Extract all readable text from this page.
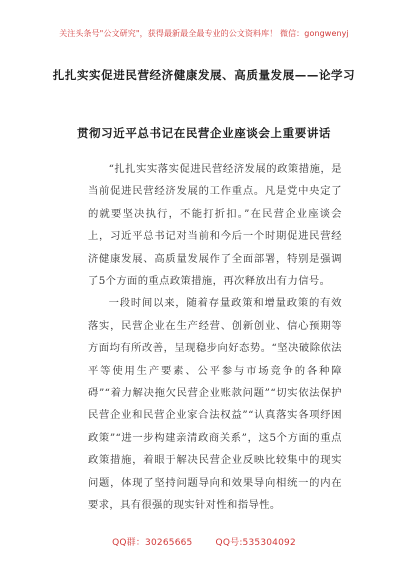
关注头条号"公文研究"，获得最新最全最专业的公文资料库！ 微信：gongwenyj
扎扎实实促进民营经济健康发展、高质量发展——论学习
贯彻习近平总书记在民营企业座谈会上重要讲话

“扎扎实实落实促进民营经济发展的政策措施，是当前促进民营经济发展的工作重点。凡是党中央定了的就要坚决执行，不能打折扣。”在民营企业座谈会上，习近平总书记对当前和今后一个时期促进民营经济健康发展、高质量发展作了全面部署，特别是强调了5个方面的重点政策措施，再次释放出有力信号。

一段时间以来，随着存量政策和增量政策的有效落实，民营企业在生产经营、创新创业、信心预期等方面均有所改善，呈现稳步向好态势。“坚决破除依法平等使用生产要素、公平参与市场竞争的各种障碍”“着力解决拖欠民营企业账款问题”“切实依法保护民营企业和民营企业家合法权益”“认真落实各项纾困政策”“进一步构建亲清政商关系”，这5个方面的重点政策措施，着眼于解决民营企业反映比较集中的现实问题，体现了坚持问题导向和效果导向相统一的内在要求，具有很强的现实针对性和指导性。

QQ群：30265665	QQ号:535304092
